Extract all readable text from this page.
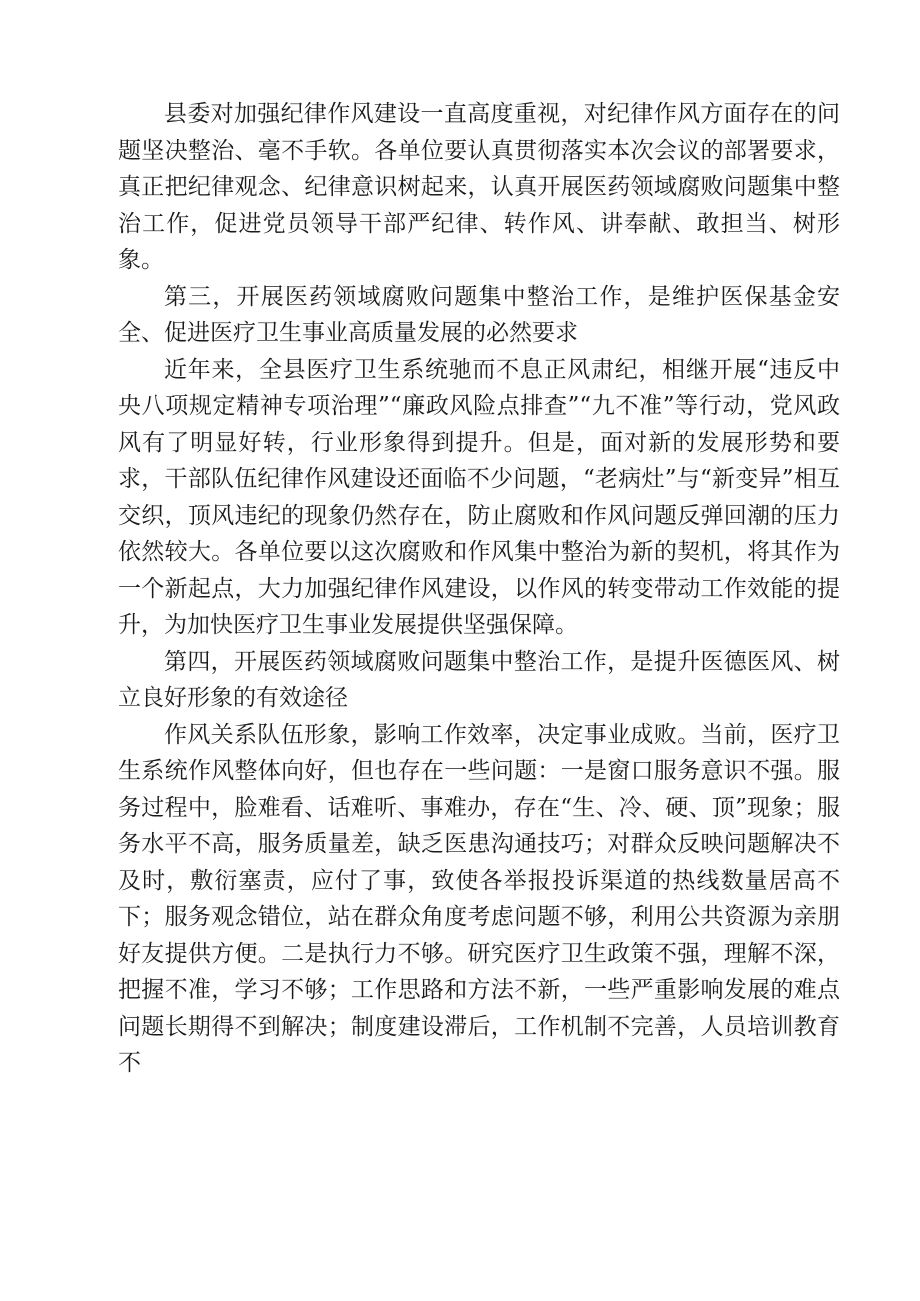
县委对加强纪律作风建设一直高度重视，对纪律作风方面存在的问题坚决整治、毫不手软。各单位要认真贯彻落实本次会议的部署要求，真正把纪律观念、纪律意识树起来，认真开展医药领域腐败问题集中整治工作，促进党员领导干部严纪律、转作风、讲奉献、敢担当、树形象。

第三，开展医药领域腐败问题集中整治工作，是维护医保基金安全、促进医疗卫生事业高质量发展的必然要求

近年来，全县医疗卫生系统驰而不息正风肃纪，相继开展“违反中央八项规定精神专项治理”“廉政风险点排查”“九不准”等行动，党风政风有了明显好转，行业形象得到提升。但是，面对新的发展形势和要求，干部队伍纪律作风建设还面临不少问题，“老病灶”与“新变异”相互交织，顶风违纪的现象仍然存在，防止腐败和作风问题反弹回潮的压力依然较大。各单位要以这次腐败和作风集中整治为新的契机，将其作为一个新起点，大力加强纪律作风建设，以作风的转变带动工作效能的提升，为加快医疗卫生事业发展提供坚强保障。

第四，开展医药领域腐败问题集中整治工作，是提升医德医风、树立良好形象的有效途径

作风关系队伍形象，影响工作效率，决定事业成败。当前，医疗卫生系统作风整体向好，但也存在一些问题：一是窗口服务意识不强。服务过程中，脸难看、话难听、事难办，存在“生、冷、硬、顶”现象；服务水平不高，服务质量差，缺乏医患沟通技巧；对群众反映问题解决不及时，敷衍塞责，应付了事，致使各举报投诉渠道的热线数量居高不下；服务观念错位，站在群众角度考虑问题不够，利用公共资源为亲朋好友提供方便。二是执行力不够。研究医疗卫生政策不强，理解不深，把握不准，学习不够；工作思路和方法不新，一些严重影响发展的难点问题长期得不到解决；制度建设滞后，工作机制不完善，人员培训教育不
